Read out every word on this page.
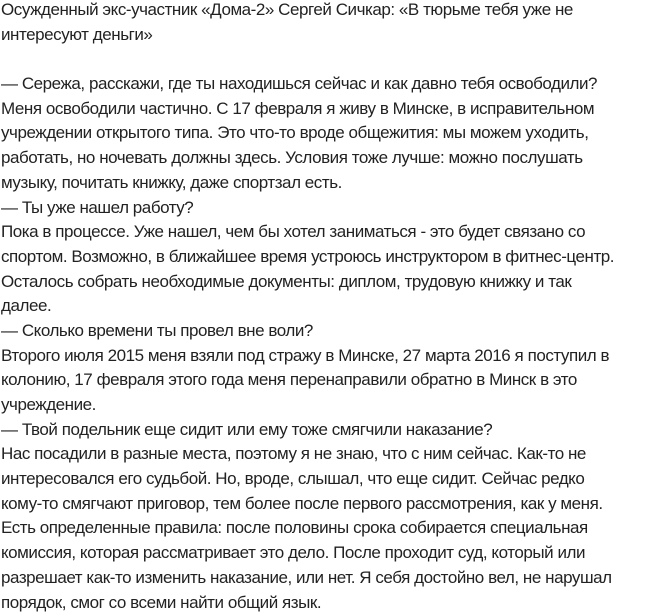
Осужденный экс-участник «Дома-2» Сергей Сичкар: «В тюрьме тебя уже не
интересуют деньги»
— Сережа, расскажи, где ты находишься сейчас и как давно тебя освободили?
Меня освободили частично. С 17 февраля я живу в Минске, в исправительном
учреждении открытого типа. Это что-то вроде общежития: мы можем уходить,
работать, но ночевать должны здесь. Условия тоже лучше: можно послушать
музыку, почитать книжку, даже спортзал есть.
— Ты уже нашел работу?
Пока в процессе. Уже нашел, чем бы хотел заниматься - это будет связано со
спортом. Возможно, в ближайшее время устроюсь инструктором в фитнес-центр.
Осталось собрать необходимые документы: диплом, трудовую книжку и так
далее.
— Сколько времени ты провел вне воли?
Второго июля 2015 меня взяли под стражу в Минске, 27 марта 2016 я поступил в
колонию, 17 февраля этого года меня перенаправили обратно в Минск в это
учреждение.
— Твой подельник еще сидит или ему тоже смягчили наказание?
Нас посадили в разные места, поэтому я не знаю, что с ним сейчас. Как-то не
интересовался его судьбой. Но, вроде, слышал, что еще сидит. Сейчас редко
кому-то смягчают приговор, тем более после первого рассмотрения, как у меня.
Есть определенные правила: после половины срока собирается специальная
комиссия, которая рассматривает это дело. После проходит суд, который или
разрешает как-то изменить наказание, или нет. Я себя достойно вел, не нарушал
порядок, смог со всеми найти общий язык.
